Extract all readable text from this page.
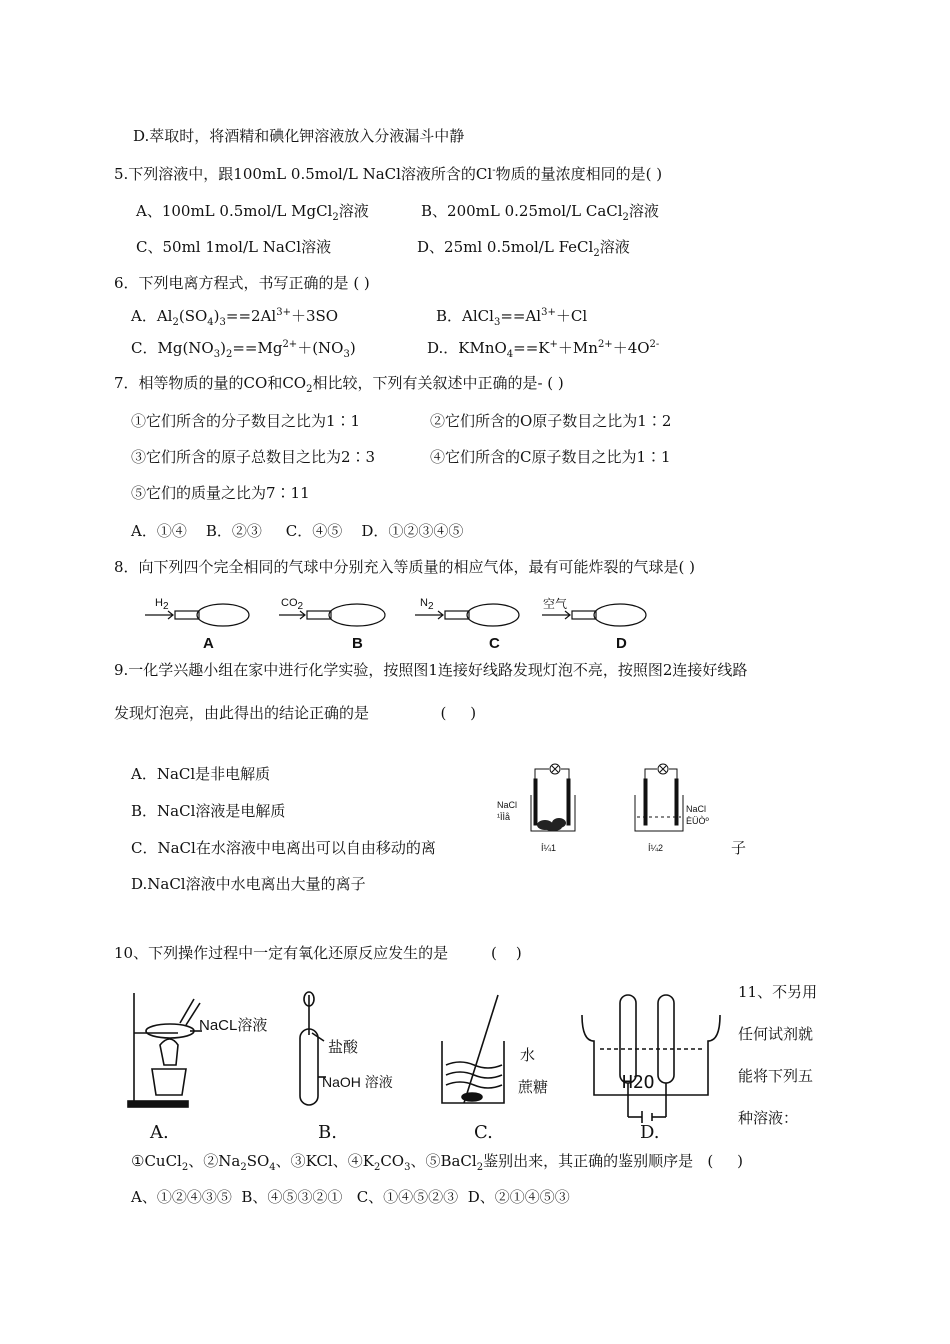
D.萃取时，将酒精和碘化钾溶液放入分液漏斗中静
5.下列溶液中，跟100mL 0.5mol/L NaCl溶液所含的Cl-物质的量浓度相同的是( )
A、100mL 0.5mol/L MgCl$_2$溶液	B、200mL 0.25mol/L CaCl$_2$溶液
C、50ml 1mol/L NaCl溶液	D、25ml 0.5mol/L FeCl$_2$溶液
6．下列电离方程式，书写正确的是 ( )
A．$Al_2(SO_4)_3==2Al^{3+}+3SO$	B．$AlCl_3==Al^{3+}+Cl$
C．$Mg(NO_3)_2==Mg^{2+}+(NO_3)$	D.．$KMnO_4==K^++Mn^{2+}+4O^{2-}$
7．相等物质的量的CO和$CO_2$相比较，下列有关叙述中正确的是- ( )
①它们所含的分子数目之比为1∶1	②它们所含的O原子数目之比为1∶2
③它们所含的原子总数目之比为2∶3	④它们所含的C原子数目之比为1∶1
⑤它们的质量之比为7∶11
A．①④    B．②③     C．④⑤    D．①②③④⑤
8．向下列四个完全相同的气球中分别充入等质量的相应气体，最有可能炸裂的气球是( )
$H_2$	$CO_2$	$N_2$	空气
A	B	C	D
9.一化学兴趣小组在家中进行化学实验，按照图1连接好线路发现灯泡不亮，按照图2连接好线路
发现灯泡亮，由此得出的结论正确的是               (     )
A．NaCl是非电解质
B．NaCl溶液是电解质
C．NaCl在水溶液中电离出可以自由移动的离	子
D.NaCl溶液中水电离出大量的离子
NaCl
¹ÌÌå
Í¼1
NaCl
ÈÜÒº
Í¼2
10、下列操作过程中一定有氧化还原反应发生的是         (    )
NaCL溶液
盐酸
NaOH 溶液
水
蔗糖	H2O
A.	B.	C.	D.
11、不另用
任何试剂就
能将下列五
种溶液：
①CuCl$_2$、$②Na_2SO_4$、③KCl、$④K_2CO_3$、⑤BaCl$_2$鉴别出来，其正确的鉴别顺序是   (     )
A、①②④③⑤  B、④⑤③②①   C、①④⑤②③  D、②①④⑤③
